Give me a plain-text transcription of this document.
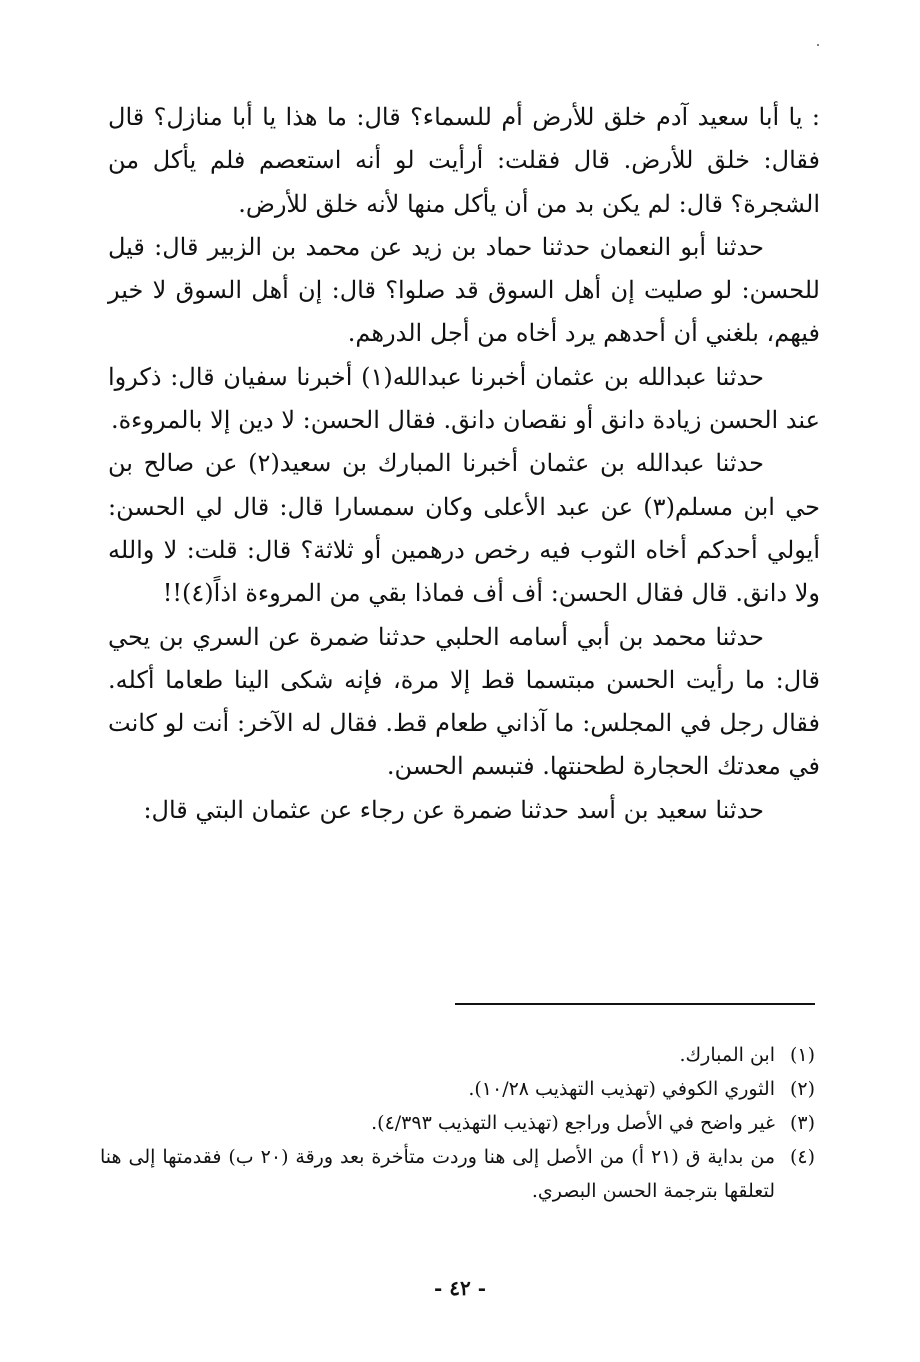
: يا أبا سعيد آدم خلق للأرض أم للسماء؟ قال: ما هذا يا أبا منازل؟ قال فقال: خلق للأرض. قال فقلت: أرأيت لو أنه استعصم فلم يأكل من الشجرة؟ قال: لم يكن بد من أن يأكل منها لأنه خلق للأرض.

حدثنا أبو النعمان حدثنا حماد بن زيد عن محمد بن الزبير قال: قيل للحسن: لو صليت إن أهل السوق قد صلوا؟ قال: إن أهل السوق لا خير فيهم، بلغني أن أحدهم يرد أخاه من أجل الدرهم.

حدثنا عبدالله بن عثمان أخبرنا عبدالله(١) أخبرنا سفيان قال: ذكروا عند الحسن زيادة دانق أو نقصان دانق. فقال الحسن: لا دين إلا بالمروءة.

حدثنا عبدالله بن عثمان أخبرنا المبارك بن سعيد(٢) عن صالح بن حي ابن مسلم(٣) عن عبد الأعلى وكان سمسارا قال: قال لي الحسن: أيولي أحدكم أخاه الثوب فيه رخص درهمين أو ثلاثة؟ قال: قلت: لا والله ولا دانق. قال فقال الحسن: أف أف فماذا بقي من المروءة اذاً(٤)!!

حدثنا محمد بن أبي أسامه الحلبي حدثنا ضمرة عن السري بن يحي قال: ما رأيت الحسن مبتسما قط إلا مرة، فإنه شكى الينا طعاما أكله. فقال رجل في المجلس: ما آذاني طعام قط. فقال له الآخر: أنت لو كانت في معدتك الحجارة لطحنتها. فتبسم الحسن.

حدثنا سعيد بن أسد حدثنا ضمرة عن رجاء عن عثمان البتي قال:

(١)
ابن المبارك.
(٢)
الثوري الكوفي (تهذيب التهذيب ١٠/٢٨).
(٣)
غير واضح في الأصل وراجع (تهذيب التهذيب ٤/٣٩٣).
(٤)
من بداية ق (٢١ أ) من الأصل إلى هنا وردت متأخرة بعد ورقة (٢٠ ب) فقدمتها إلى هنا لتعلقها بترجمة الحسن البصري.
- ٤٢ -
